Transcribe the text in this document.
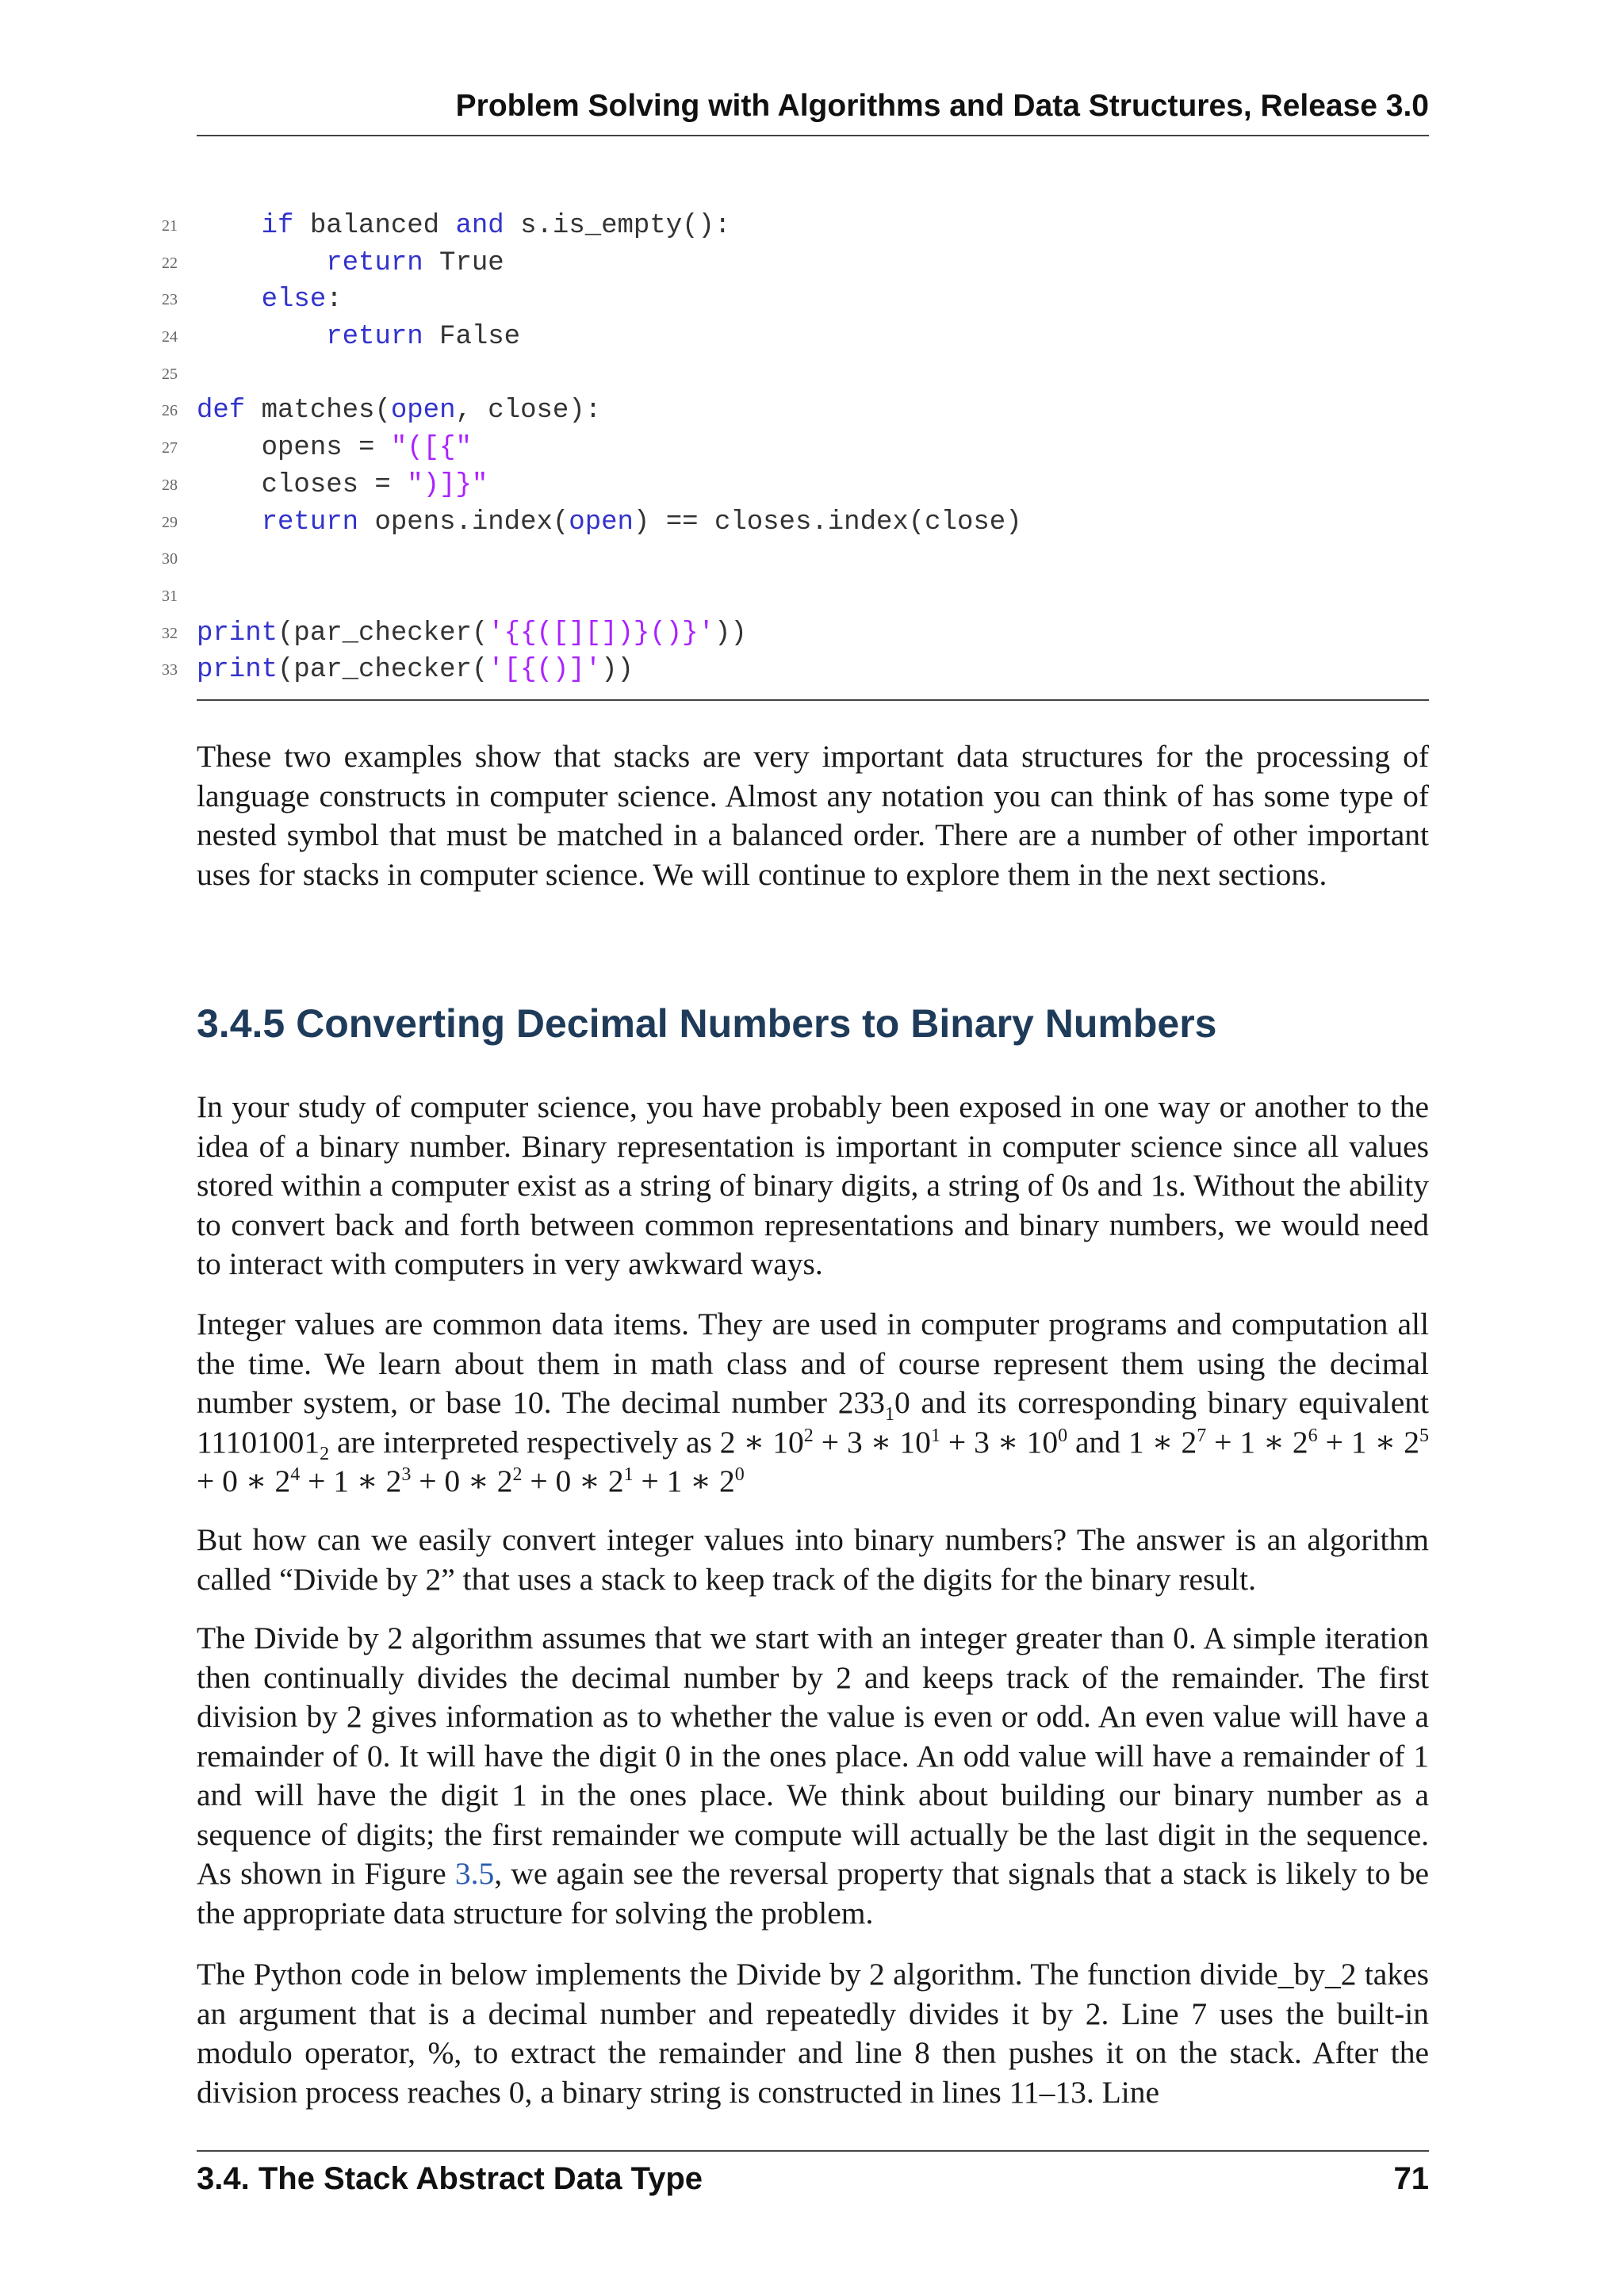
Problem Solving with Algorithms and Data Structures, Release 3.0
21	if balanced and s.is_empty():
22	return True
23	else:
24	return False
25
26 def matches(open, close):
27 opens = "([{"
28 closes = ")]}"
29	return opens.index(open) == closes.index(close)
30
31
32 print(par_checker('{{([][])}()}'))
33 print(par_checker('[{()]'))
These two examples show that stacks are very important data structures for the processing of language constructs in computer science. Almost any notation you can think of has some type of nested symbol that must be matched in a balanced order. There are a number of other important uses for stacks in computer science. We will continue to explore them in the next sections.
3.4.5 Converting Decimal Numbers to Binary Numbers
In your study of computer science, you have probably been exposed in one way or another to the idea of a binary number. Binary representation is important in computer science since all values stored within a computer exist as a string of binary digits, a string of 0s and 1s. Without the ability to convert back and forth between common representations and binary numbers, we would need to interact with computers in very awkward ways.
Integer values are common data items. They are used in computer programs and computation all the time. We learn about them in math class and of course represent them using the decimal number system, or base 10. The decimal number $233_10$ and its corresponding binary equivalent $11101001_2$ are interpreted respectively as 2 ∗ $10^2 + 3$ ∗ $10^1 + 3$ ∗ $10^0$ and 1 ∗ $2^7 + 1$ ∗ $2^6 + 1$ ∗ $2^5 + 0$ ∗ $2^4 + 1$ ∗ $2^3 + 0$ ∗ $2^2 + 0$ ∗ $2^1 + 1$ ∗ $2^0$
But how can we easily convert integer values into binary numbers? The answer is an algorithm called “Divide by 2” that uses a stack to keep track of the digits for the binary result.
The Divide by 2 algorithm assumes that we start with an integer greater than 0. A simple iteration then continually divides the decimal number by 2 and keeps track of the remainder. The first division by 2 gives information as to whether the value is even or odd. An even value will have a remainder of 0. It will have the digit 0 in the ones place. An odd value will have a remainder of 1 and will have the digit 1 in the ones place. We think about building our binary number as a sequence of digits; the first remainder we compute will actually be the last digit in the sequence. As shown in Figure 3.5, we again see the reversal property that signals that a stack is likely to be the appropriate data structure for solving the problem.
The Python code in below implements the Divide by 2 algorithm. The function divide_by_2 takes an argument that is a decimal number and repeatedly divides it by 2. Line 7 uses the built-in modulo operator, %, to extract the remainder and line 8 then pushes it on the stack. After the division process reaches 0, a binary string is constructed in lines 11–13. Line
3.4. The Stack Abstract Data Type	71
